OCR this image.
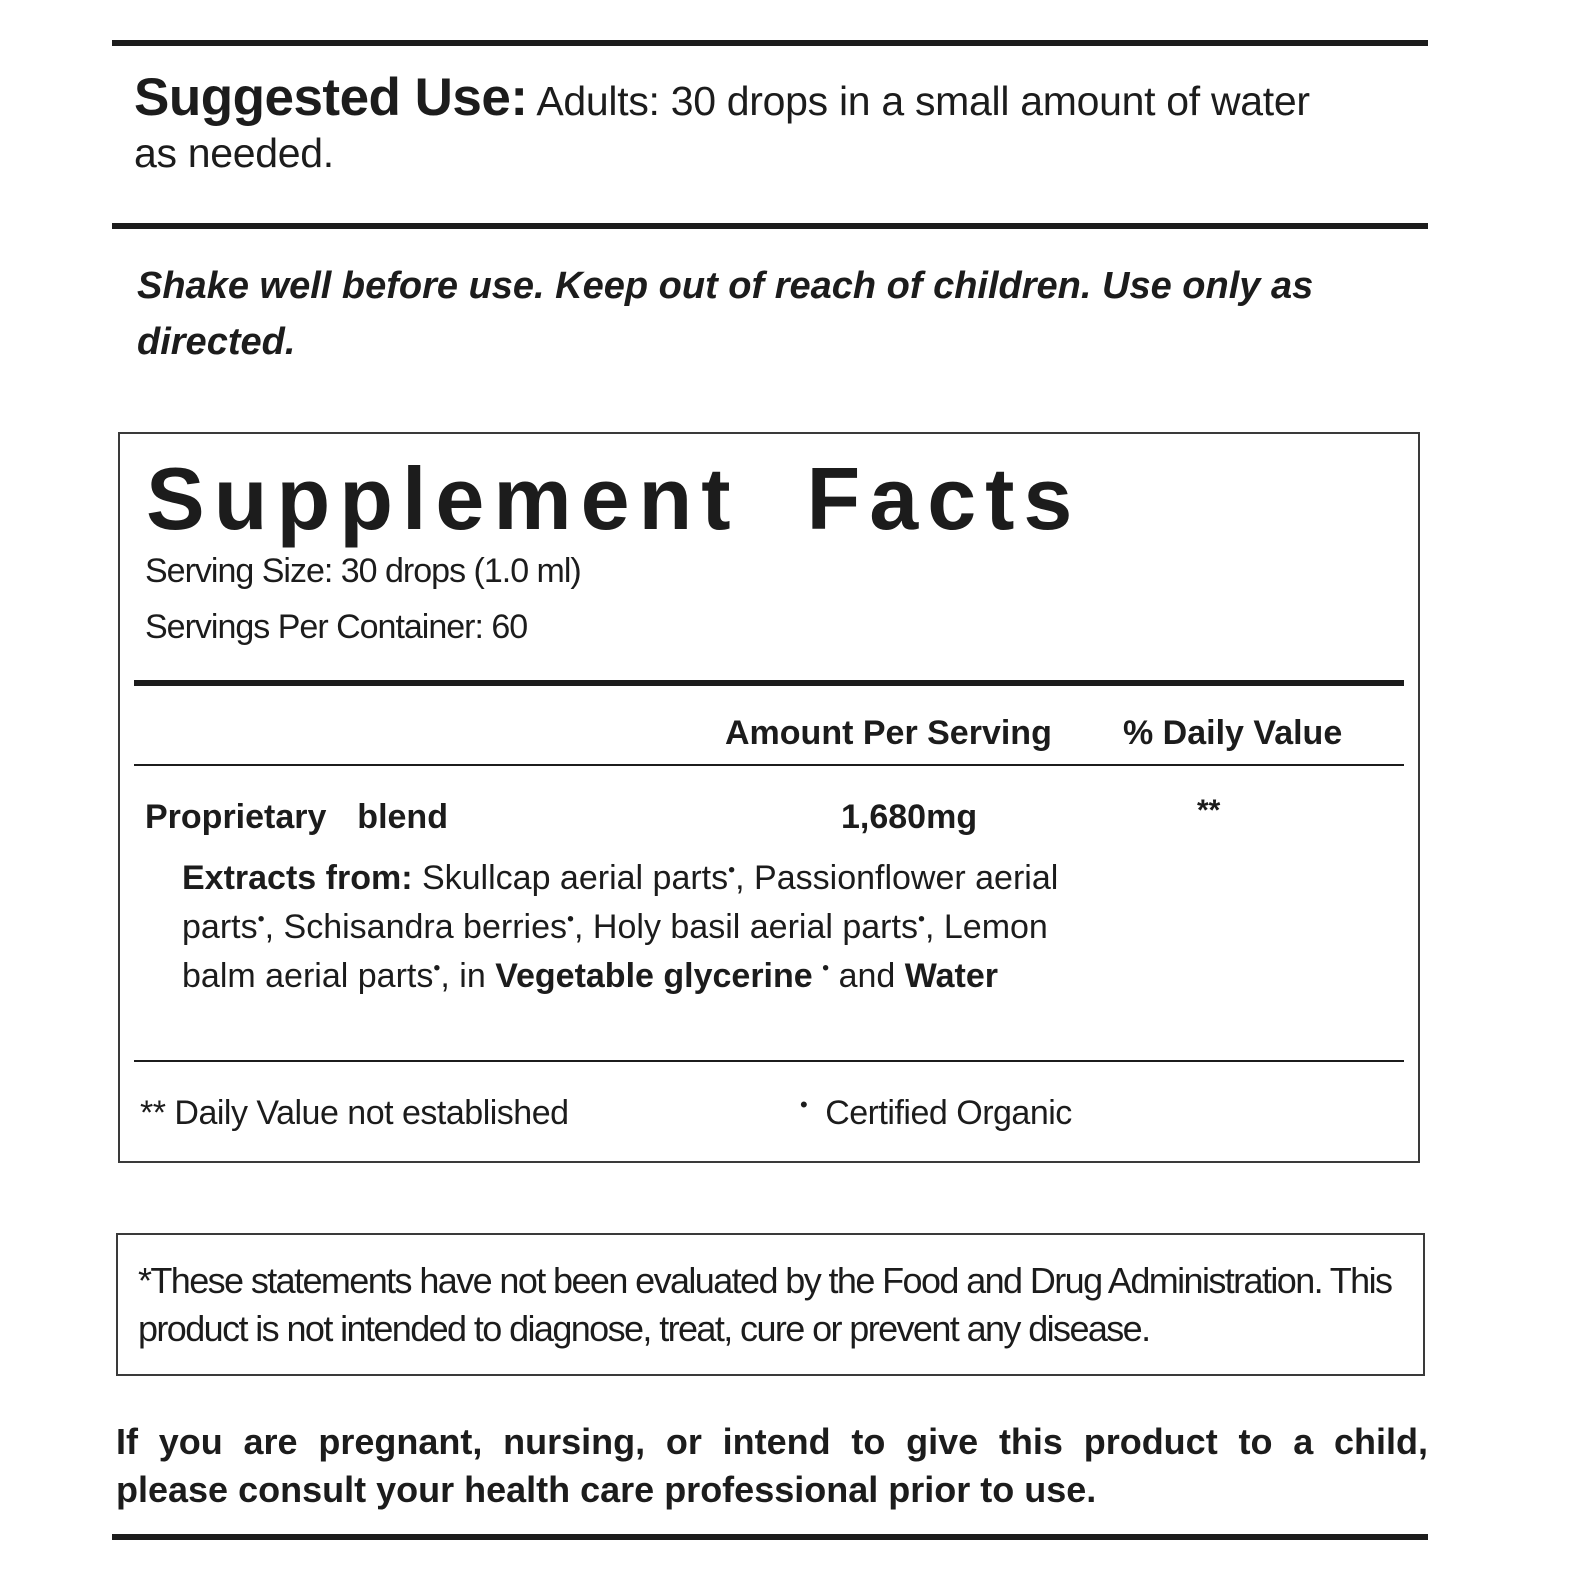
Suggested Use: Adults: 30 drops in a small amount of water as needed.
Shake well before use. Keep out of reach of children. Use only as directed.
Supplement  Facts
Serving Size: 30 drops (1.0 ml)
Servings Per Container: 60
Amount Per Serving % Daily Value
Proprietary  blend	1,680mg	**
Extracts from: Skullcap aerial parts•, Passionflower aerial parts•, Schisandra berries•, Holy basil aerial parts•, Lemon balm aerial parts•, in Vegetable glycerine • and Water
** Daily Value not established	• Certified Organic
*These statements have not been evaluated by the Food and Drug Administration. This product is not intended to diagnose, treat, cure or prevent any disease.
If you are pregnant, nursing, or intend to give this product to a child,
please consult your health care professional prior to use.
